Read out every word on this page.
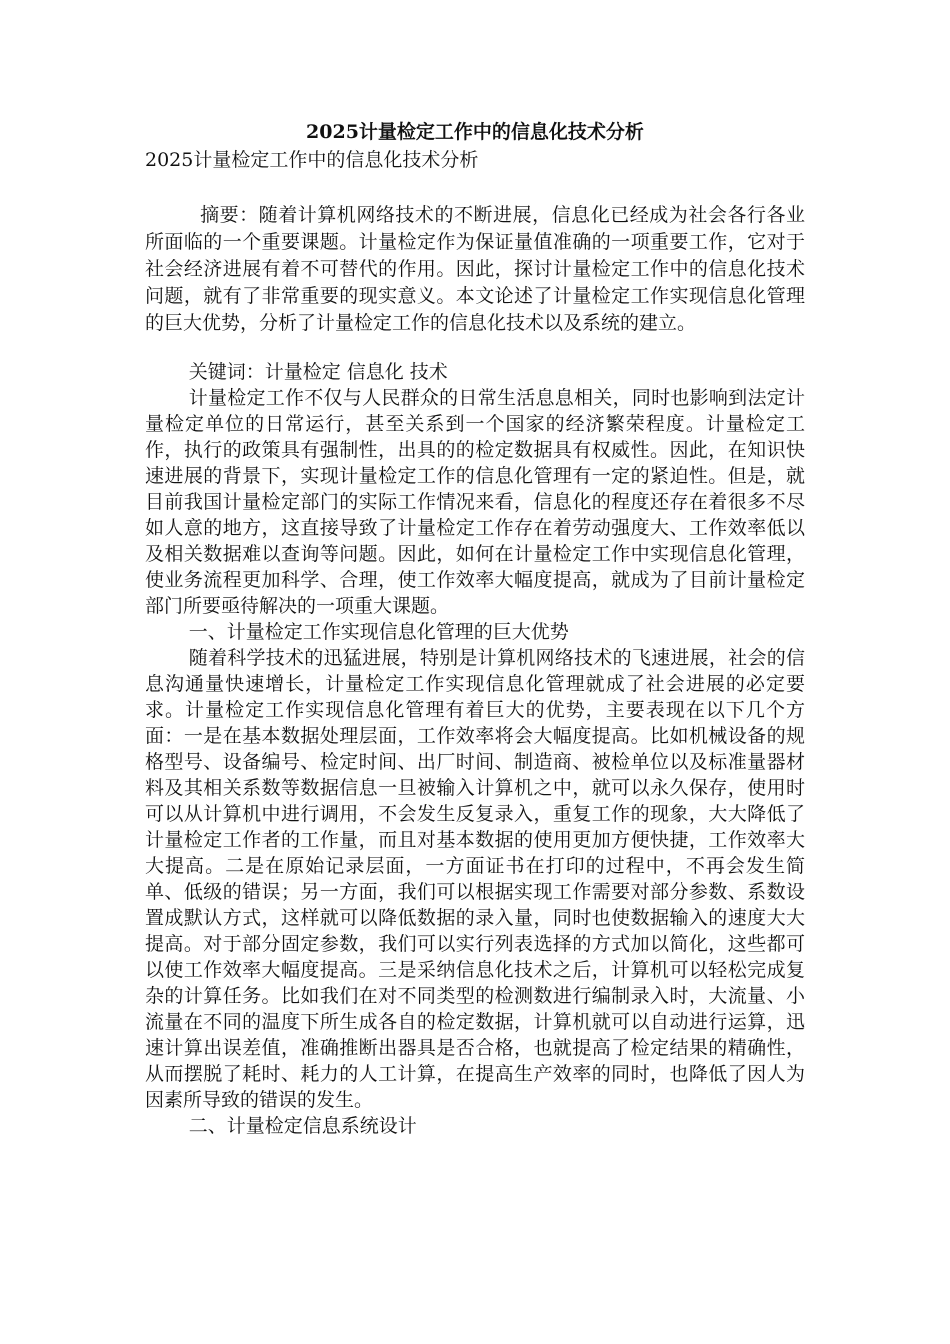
2025计量检定工作中的信息化技术分析

2025计量检定工作中的信息化技术分析

摘要：随着计算机网络技术的不断进展，信息化已经成为社会各行各业所面临的一个重要课题。计量检定作为保证量值准确的一项重要工作，它对于社会经济进展有着不可替代的作用。因此，探讨计量检定工作中的信息化技术问题，就有了非常重要的现实意义。本文论述了计量检定工作实现信息化管理的巨大优势，分析了计量检定工作的信息化技术以及系统的建立。

关键词：计量检定 信息化 技术

计量检定工作不仅与人民群众的日常生活息息相关，同时也影响到法定计量检定单位的日常运行，甚至关系到一个国家的经济繁荣程度。计量检定工作，执行的政策具有强制性，出具的的检定数据具有权威性。因此，在知识快速进展的背景下，实现计量检定工作的信息化管理有一定的紧迫性。但是，就目前我国计量检定部门的实际工作情况来看，信息化的程度还存在着很多不尽如人意的地方，这直接导致了计量检定工作存在着劳动强度大、工作效率低以及相关数据难以查询等问题。因此，如何在计量检定工作中实现信息化管理，使业务流程更加科学、合理，使工作效率大幅度提高，就成为了目前计量检定部门所要亟待解决的一项重大课题。

一、计量检定工作实现信息化管理的巨大优势

随着科学技术的迅猛进展，特别是计算机网络技术的飞速进展，社会的信息沟通量快速增长，计量检定工作实现信息化管理就成了社会进展的必定要求。计量检定工作实现信息化管理有着巨大的优势，主要表现在以下几个方面：一是在基本数据处理层面，工作效率将会大幅度提高。比如机械设备的规格型号、设备编号、检定时间、出厂时间、制造商、被检单位以及标准量器材料及其相关系数等数据信息一旦被输入计算机之中，就可以永久保存，使用时可以从计算机中进行调用，不会发生反复录入，重复工作的现象，大大降低了计量检定工作者的工作量，而且对基本数据的使用更加方便快捷，工作效率大大提高。二是在原始记录层面，一方面证书在打印的过程中，不再会发生简单、低级的错误；另一方面，我们可以根据实现工作需要对部分参数、系数设置成默认方式，这样就可以降低数据的录入量，同时也使数据输入的速度大大提高。对于部分固定参数，我们可以实行列表选择的方式加以简化，这些都可以使工作效率大幅度提高。三是采纳信息化技术之后，计算机可以轻松完成复杂的计算任务。比如我们在对不同类型的检测数进行编制录入时，大流量、小流量在不同的温度下所生成各自的检定数据，计算机就可以自动进行运算，迅速计算出误差值，准确推断出器具是否合格，也就提高了检定结果的精确性，从而摆脱了耗时、耗力的人工计算，在提高生产效率的同时，也降低了因人为因素所导致的错误的发生。

二、计量检定信息系统设计
